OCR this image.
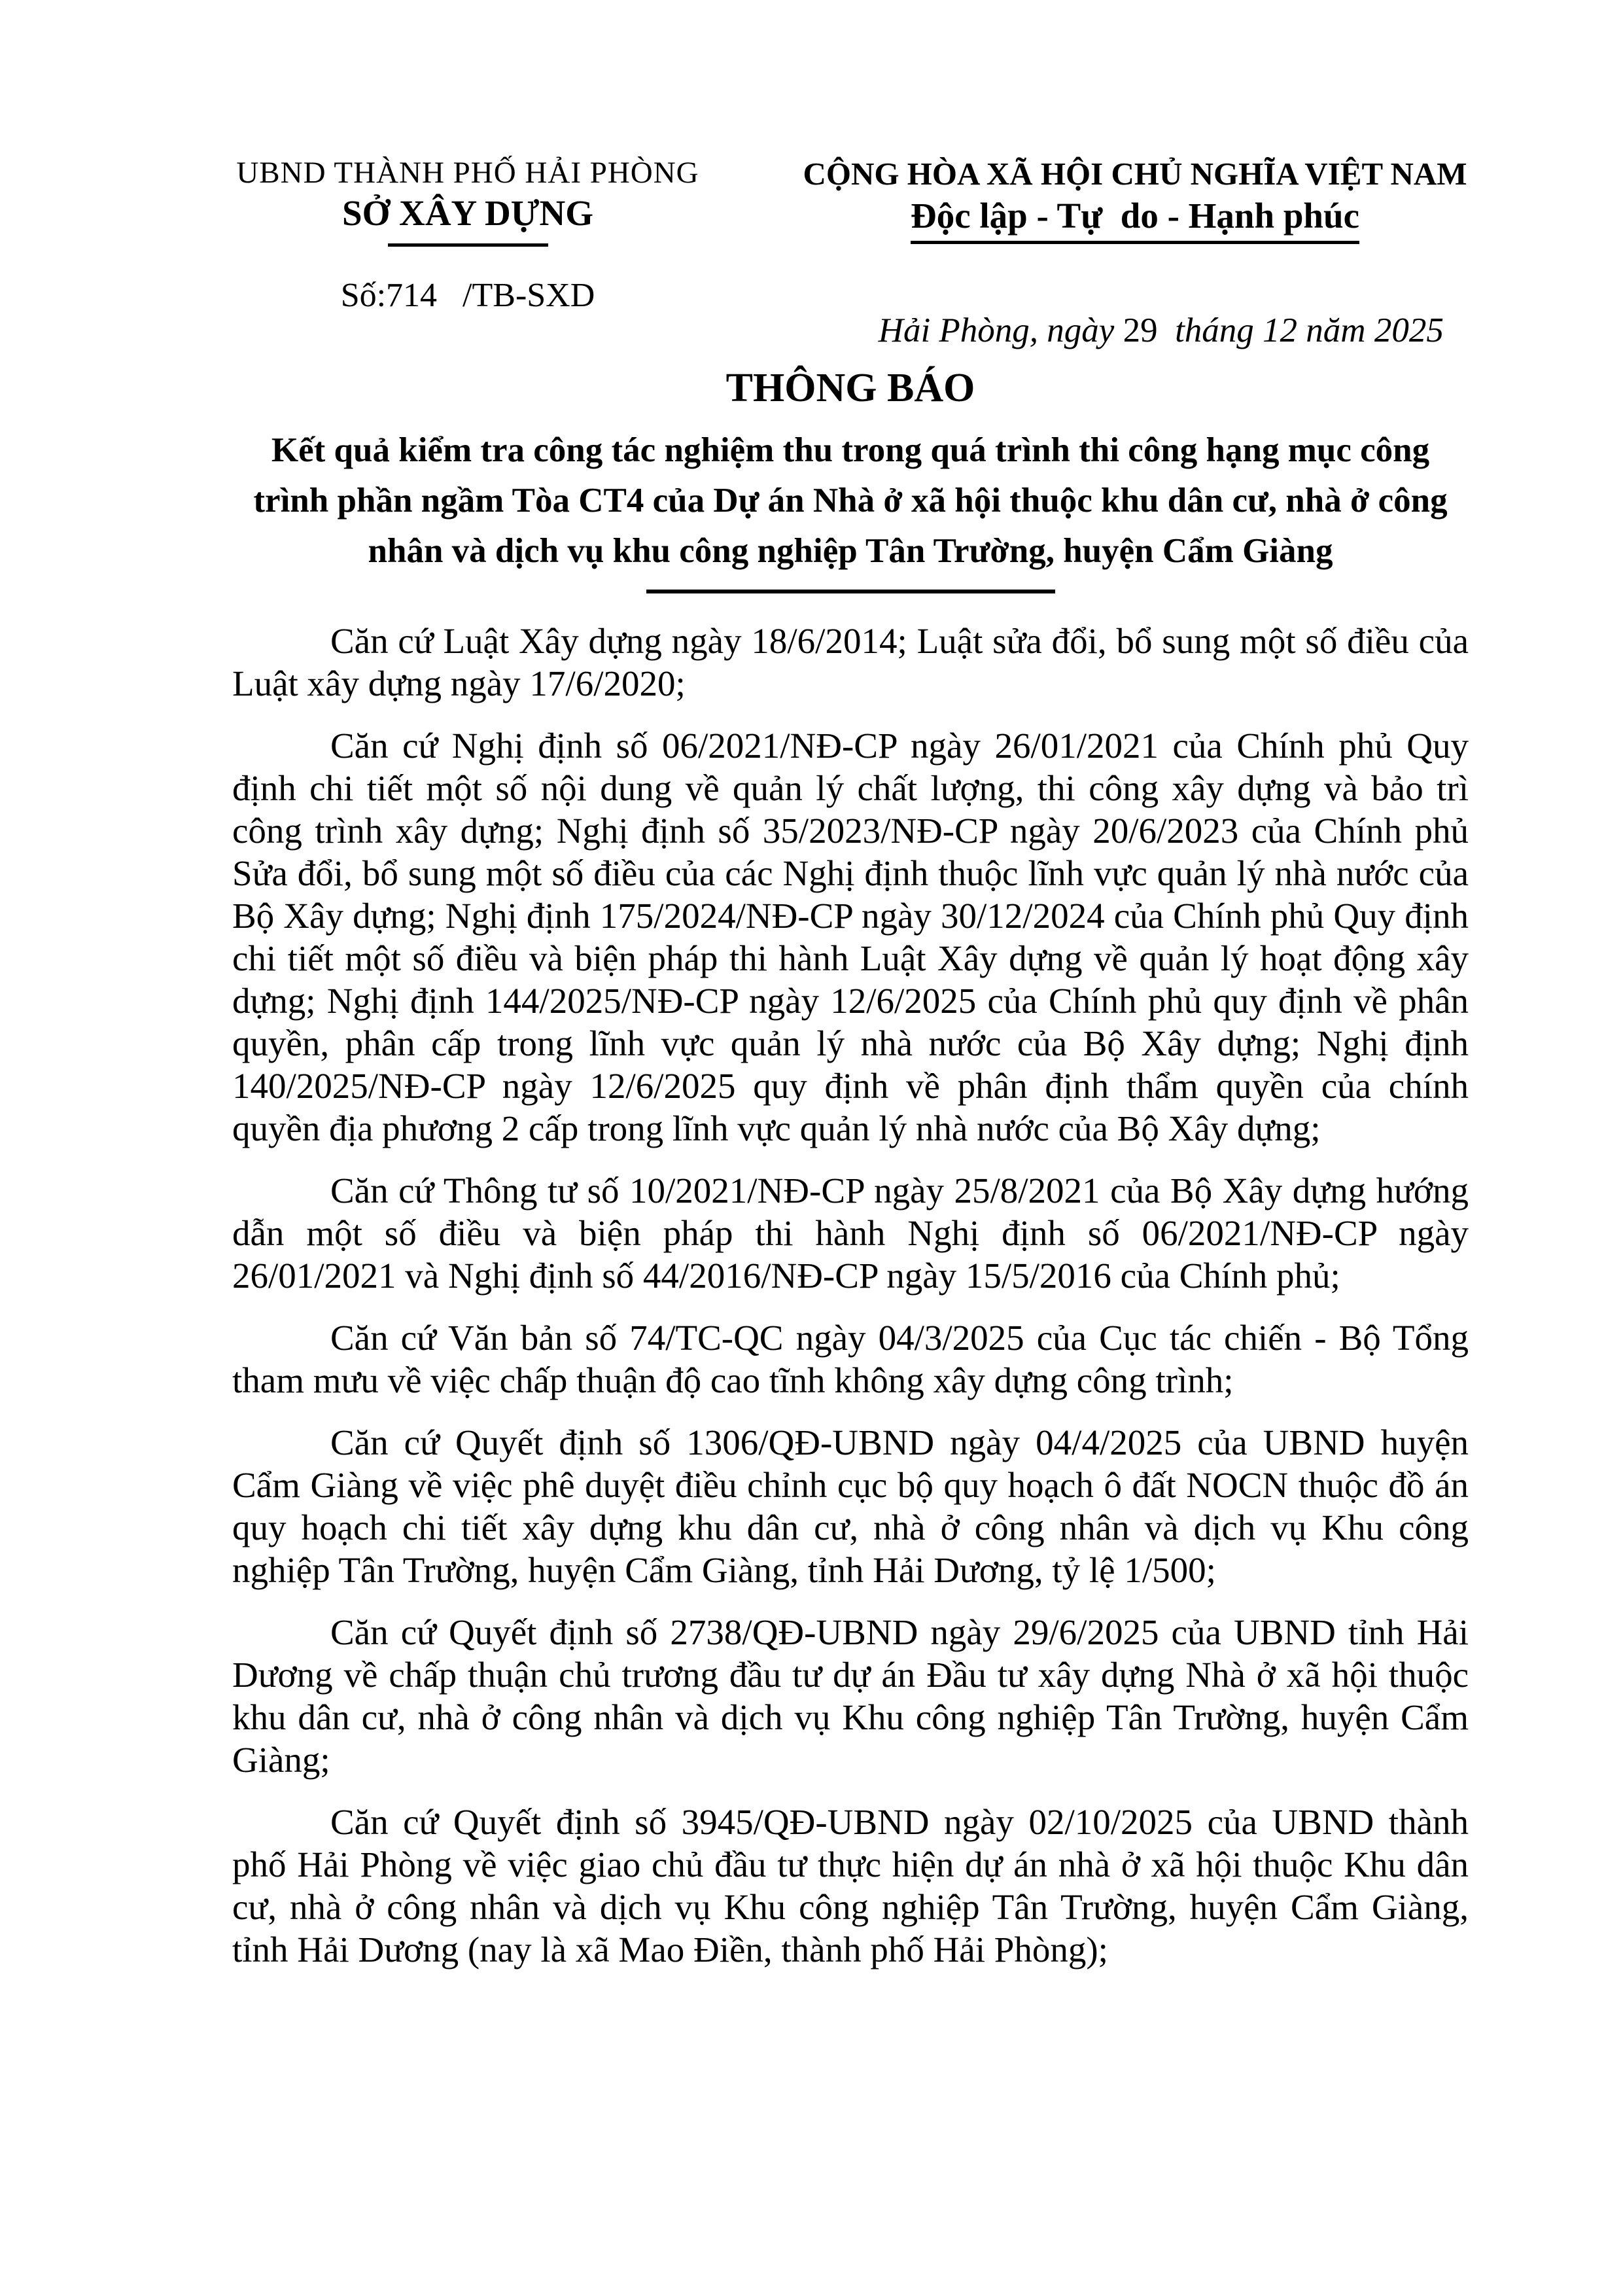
UBND THÀNH PHỐ HẢI PHÒNG
SỞ XÂY DỰNG
Số:714   /TB-SXD
CỘNG HÒA XÃ HỘI CHỦ NGHĨA VIỆT NAM
Độc lập - Tự  do - Hạnh phúc

Hải Phòng, ngày 29  tháng 12 năm 2025

THÔNG BÁO
Kết quả kiểm tra công tác nghiệm thu trong quá trình thi công hạng mục công trình phần ngầm Tòa CT4 của Dự án Nhà ở xã hội thuộc khu dân cư, nhà ở công nhân và dịch vụ khu công nghiệp Tân Trường, huyện Cẩm Giàng

Căn cứ Luật Xây dựng ngày 18/6/2014; Luật sửa đổi, bổ sung một số điều của Luật xây dựng ngày 17/6/2020;

Căn cứ Nghị định số 06/2021/NĐ-CP ngày 26/01/2021 của Chính phủ Quy định chi tiết một số nội dung về quản lý chất lượng, thi công xây dựng và bảo trì công trình xây dựng; Nghị định số 35/2023/NĐ-CP ngày 20/6/2023 của Chính phủ Sửa đổi, bổ sung một số điều của các Nghị định thuộc lĩnh vực quản lý nhà nước của Bộ Xây dựng; Nghị định 175/2024/NĐ-CP ngày 30/12/2024 của Chính phủ Quy định chi tiết một số điều và biện pháp thi hành Luật Xây dựng về quản lý hoạt động xây dựng; Nghị định 144/2025/NĐ-CP ngày 12/6/2025 của Chính phủ quy định về phân quyền, phân cấp trong lĩnh vực quản lý nhà nước của Bộ Xây dựng; Nghị định 140/2025/NĐ-CP ngày 12/6/2025 quy định về phân định thẩm quyền của chính quyền địa phương 2 cấp trong lĩnh vực quản lý nhà nước của Bộ Xây dựng;

Căn cứ Thông tư số 10/2021/NĐ-CP ngày 25/8/2021 của Bộ Xây dựng hướng dẫn một số điều và biện pháp thi hành Nghị định số 06/2021/NĐ-CP ngày 26/01/2021 và Nghị định số 44/2016/NĐ-CP ngày 15/5/2016 của Chính phủ;

Căn cứ Văn bản số 74/TC-QC ngày 04/3/2025 của Cục tác chiến - Bộ Tổng tham mưu về việc chấp thuận độ cao tĩnh không xây dựng công trình;

Căn cứ Quyết định số 1306/QĐ-UBND ngày 04/4/2025 của UBND huyện Cẩm Giàng về việc phê duyệt điều chỉnh cục bộ quy hoạch ô đất NOCN thuộc đồ án quy hoạch chi tiết xây dựng khu dân cư, nhà ở công nhân và dịch vụ Khu công nghiệp Tân Trường, huyện Cẩm Giàng, tỉnh Hải Dương, tỷ lệ 1/500;

Căn cứ Quyết định số 2738/QĐ-UBND ngày 29/6/2025 của UBND tỉnh Hải Dương về chấp thuận chủ trương đầu tư dự án Đầu tư xây dựng Nhà ở xã hội thuộc khu dân cư, nhà ở công nhân và dịch vụ Khu công nghiệp Tân Trường, huyện Cẩm Giàng;

Căn cứ Quyết định số 3945/QĐ-UBND ngày 02/10/2025 của UBND thành phố Hải Phòng về việc giao chủ đầu tư thực hiện dự án nhà ở xã hội thuộc Khu dân cư, nhà ở công nhân và dịch vụ Khu công nghiệp Tân Trường, huyện Cẩm Giàng, tỉnh Hải Dương (nay là xã Mao Điền, thành phố Hải Phòng);
